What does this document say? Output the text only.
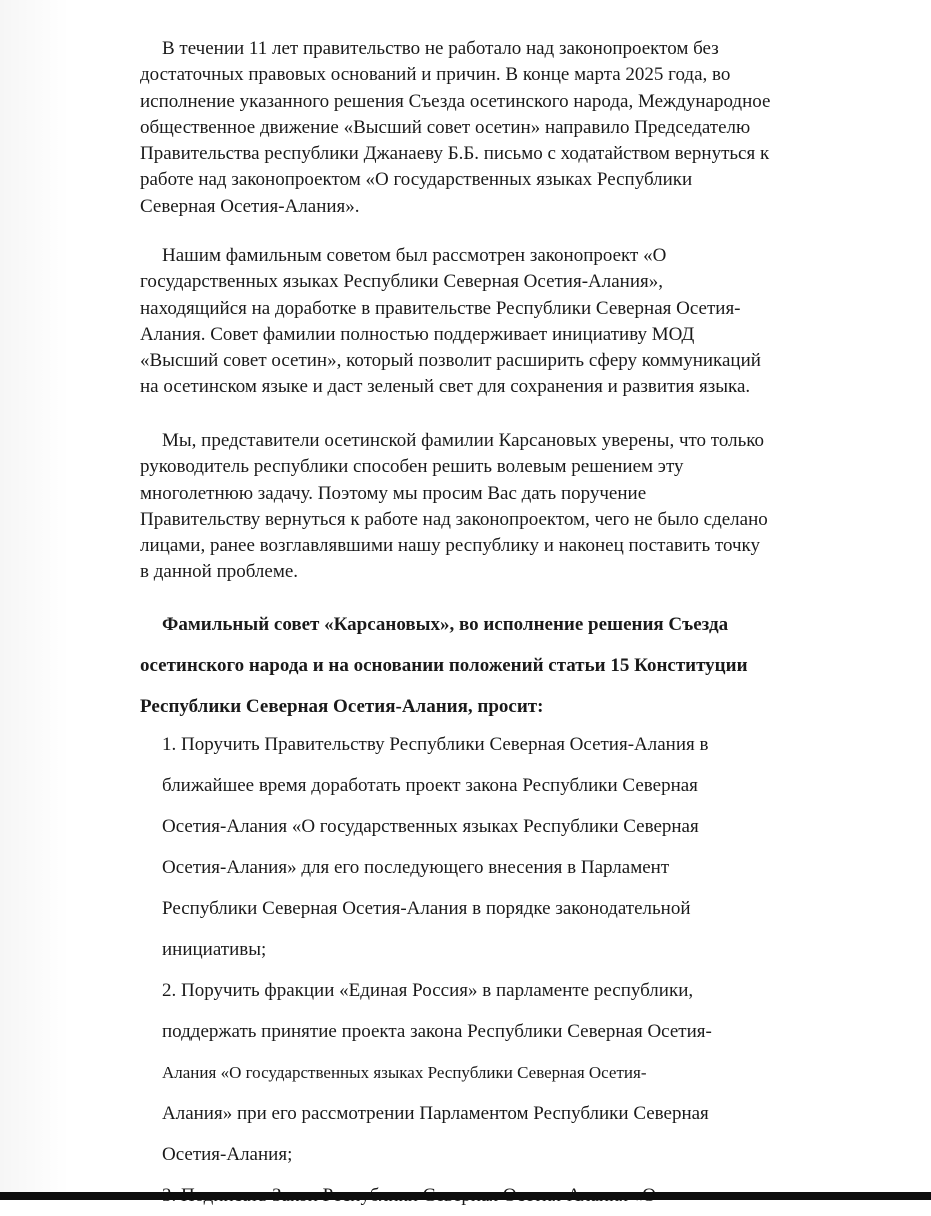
В течении 11 лет правительство не работало над законопроектом без
достаточных правовых оснований и причин. В конце марта 2025 года, во
исполнение указанного решения Съезда осетинского народа, Международное
общественное движение «Высший совет осетин» направило Председателю
Правительства республики Джанаеву Б.Б. письмо с ходатайством вернуться к
работе над законопроектом «О государственных языках Республики
Северная Осетия-Алания».

Нашим фамильным советом был рассмотрен законопроект «О
государственных языках Республики Северная Осетия-Алания»,
находящийся на доработке в правительстве Республики Северная Осетия-
Алания. Совет фамилии полностью поддерживает инициативу МОД
«Высший совет осетин», который позволит расширить сферу коммуникаций
на осетинском языке и даст зеленый свет для сохранения и развития языка.

Мы, представители осетинской фамилии Карсановых уверены, что только
руководитель республики способен решить волевым решением эту
многолетнюю задачу. Поэтому мы просим Вас дать поручение
Правительству вернуться к работе над законопроектом, чего не было сделано
лицами, ранее возглавлявшими нашу республику и наконец поставить точку
в данной проблеме.

Фамильный совет «Карсановых», во исполнение решения Съезда
осетинского народа и на основании положений статьи 15 Конституции
Республики Северная Осетия-Алания, просит:

1. Поручить Правительству Республики Северная Осетия-Алания в
ближайшее время доработать проект закона Республики Северная
Осетия-Алания «О государственных языках Республики Северная
Осетия-Алания» для его последующего внесения в Парламент
Республики Северная Осетия-Алания в порядке законодательной
инициативы;
2. Поручить фракции «Единая Россия» в парламенте республики,
поддержать принятие проекта закона Республики Северная Осетия-
Алания «О государственных языках Республики Северная Осетия-
Алания» при его рассмотрении Парламентом Республики Северная
Осетия-Алания;
